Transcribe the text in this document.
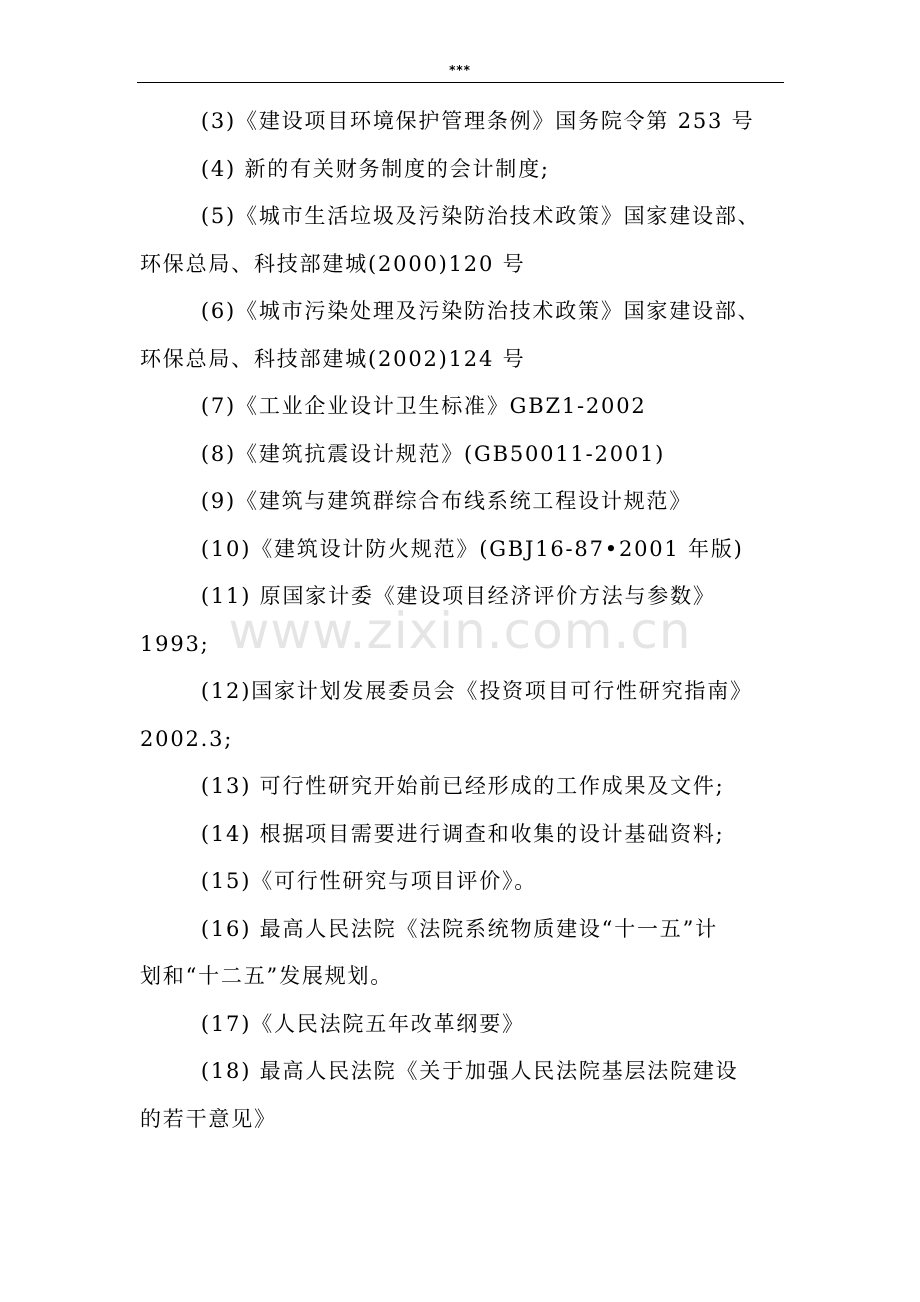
***
www.zixin.com.cn

(3)《建设项目环境保护管理条例》国务院令第 253 号

(4) 新的有关财务制度的会计制度;

(5)《城市生活垃圾及污染防治技术政策》国家建设部、
环保总局、科技部建城(2000)120 号

(6)《城市污染处理及污染防治技术政策》国家建设部、
环保总局、科技部建城(2002)124 号

(7)《工业企业设计卫生标准》GBZ1-2002

(8)《建筑抗震设计规范》(GB50011-2001)

(9)《建筑与建筑群综合布线系统工程设计规范》

(10)《建筑设计防火规范》(GBJ16-87•2001 年版)

(11) 原国家计委《建设项目经济评价方法与参数》
1993;

(12)国家计划发展委员会《投资项目可行性研究指南》
2002.3;

(13) 可行性研究开始前已经形成的工作成果及文件;

(14) 根据项目需要进行调查和收集的设计基础资料;

(15)《可行性研究与项目评价》。

(16) 最高人民法院《法院系统物质建设“十一五”计
划和“十二五”发展规划。

(17)《人民法院五年改革纲要》

(18) 最高人民法院《关于加强人民法院基层法院建设
的若干意见》
